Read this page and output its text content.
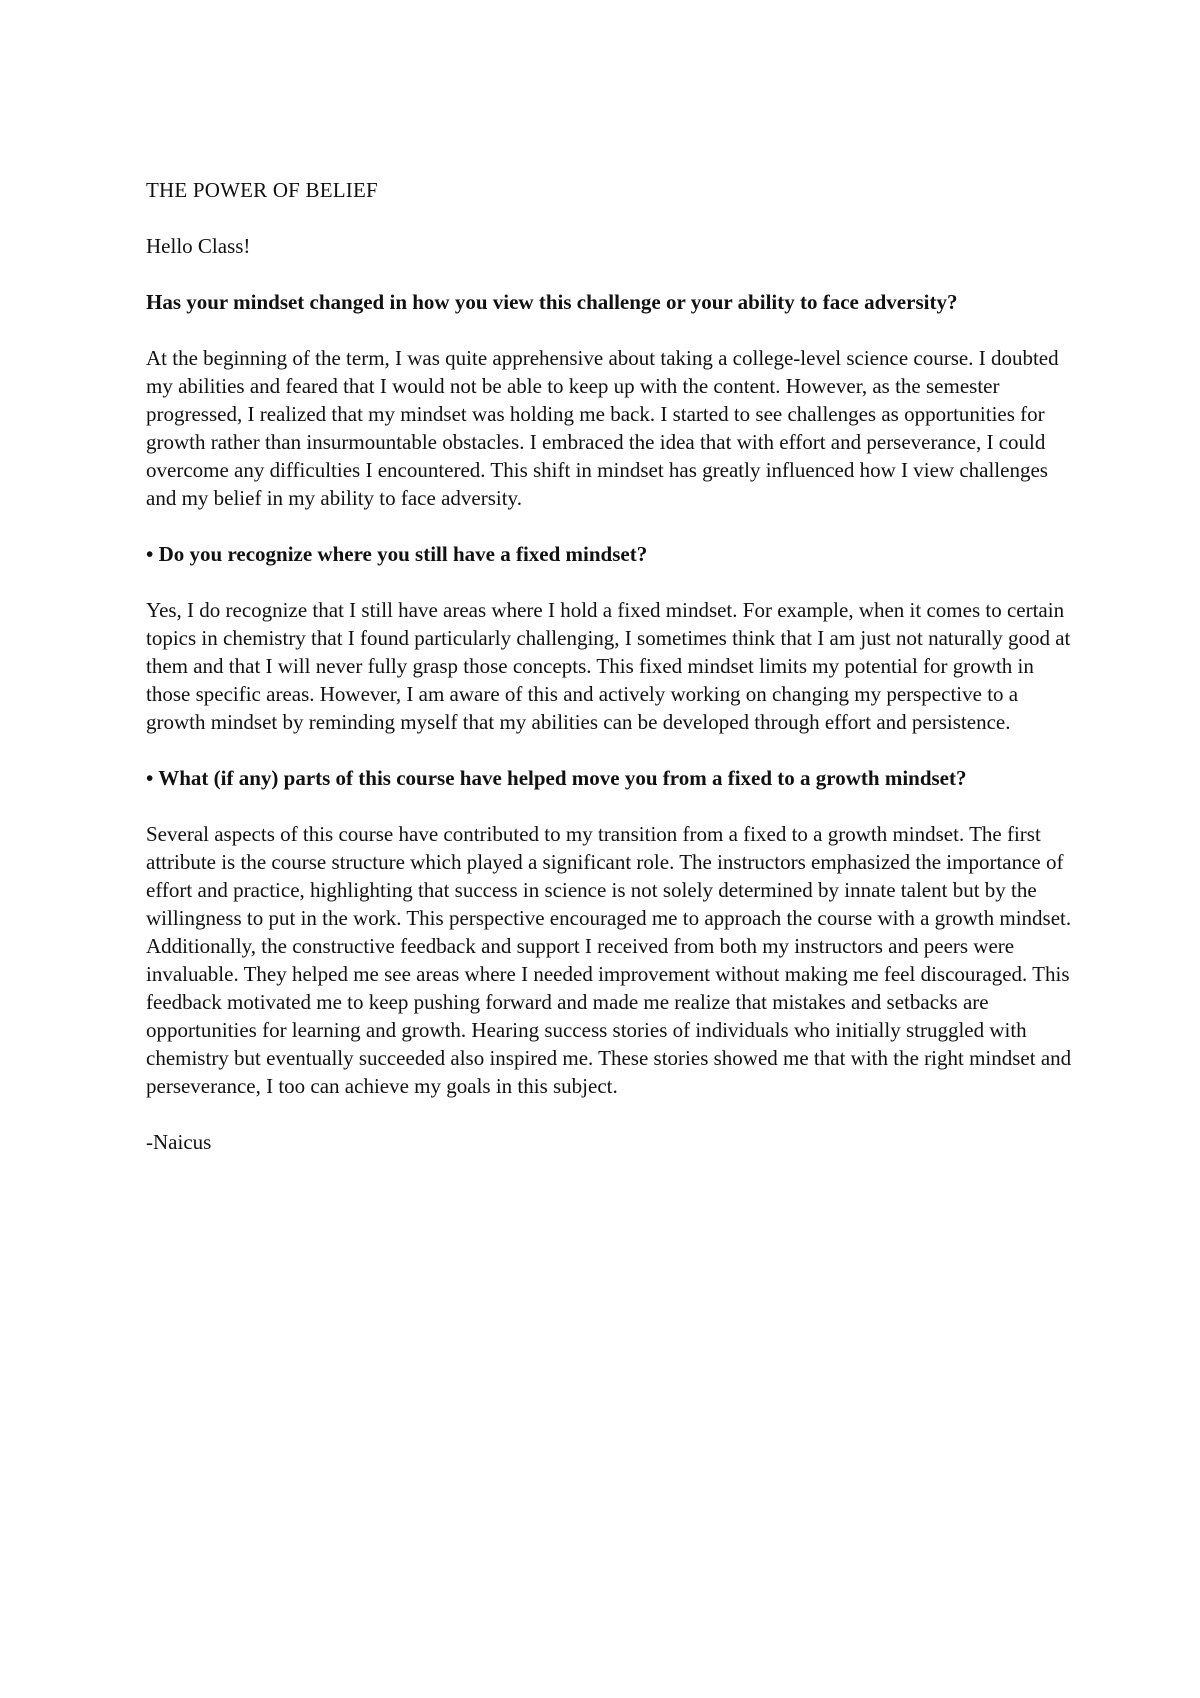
THE POWER OF BELIEF

Hello Class!

Has your mindset changed in how you view this challenge or your ability to face adversity?

At the beginning of the term, I was quite apprehensive about taking a college-level science course. I doubted my abilities and feared that I would not be able to keep up with the content. However, as the semester progressed, I realized that my mindset was holding me back. I started to see challenges as opportunities for growth rather than insurmountable obstacles. I embraced the idea that with effort and perseverance, I could overcome any difficulties I encountered. This shift in mindset has greatly influenced how I view challenges and my belief in my ability to face adversity.

• Do you recognize where you still have a fixed mindset?

Yes, I do recognize that I still have areas where I hold a fixed mindset. For example, when it comes to certain topics in chemistry that I found particularly challenging, I sometimes think that I am just not naturally good at them and that I will never fully grasp those concepts. This fixed mindset limits my potential for growth in those specific areas. However, I am aware of this and actively working on changing my perspective to a growth mindset by reminding myself that my abilities can be developed through effort and persistence.

• What (if any) parts of this course have helped move you from a fixed to a growth mindset?

Several aspects of this course have contributed to my transition from a fixed to a growth mindset. The first attribute is the course structure which played a significant role. The instructors emphasized the importance of effort and practice, highlighting that success in science is not solely determined by innate talent but by the willingness to put in the work. This perspective encouraged me to approach the course with a growth mindset. Additionally, the constructive feedback and support I received from both my instructors and peers were invaluable. They helped me see areas where I needed improvement without making me feel discouraged. This feedback motivated me to keep pushing forward and made me realize that mistakes and setbacks are opportunities for learning and growth. Hearing success stories of individuals who initially struggled with chemistry but eventually succeeded also inspired me. These stories showed me that with the right mindset and perseverance, I too can achieve my goals in this subject.

-Naicus
